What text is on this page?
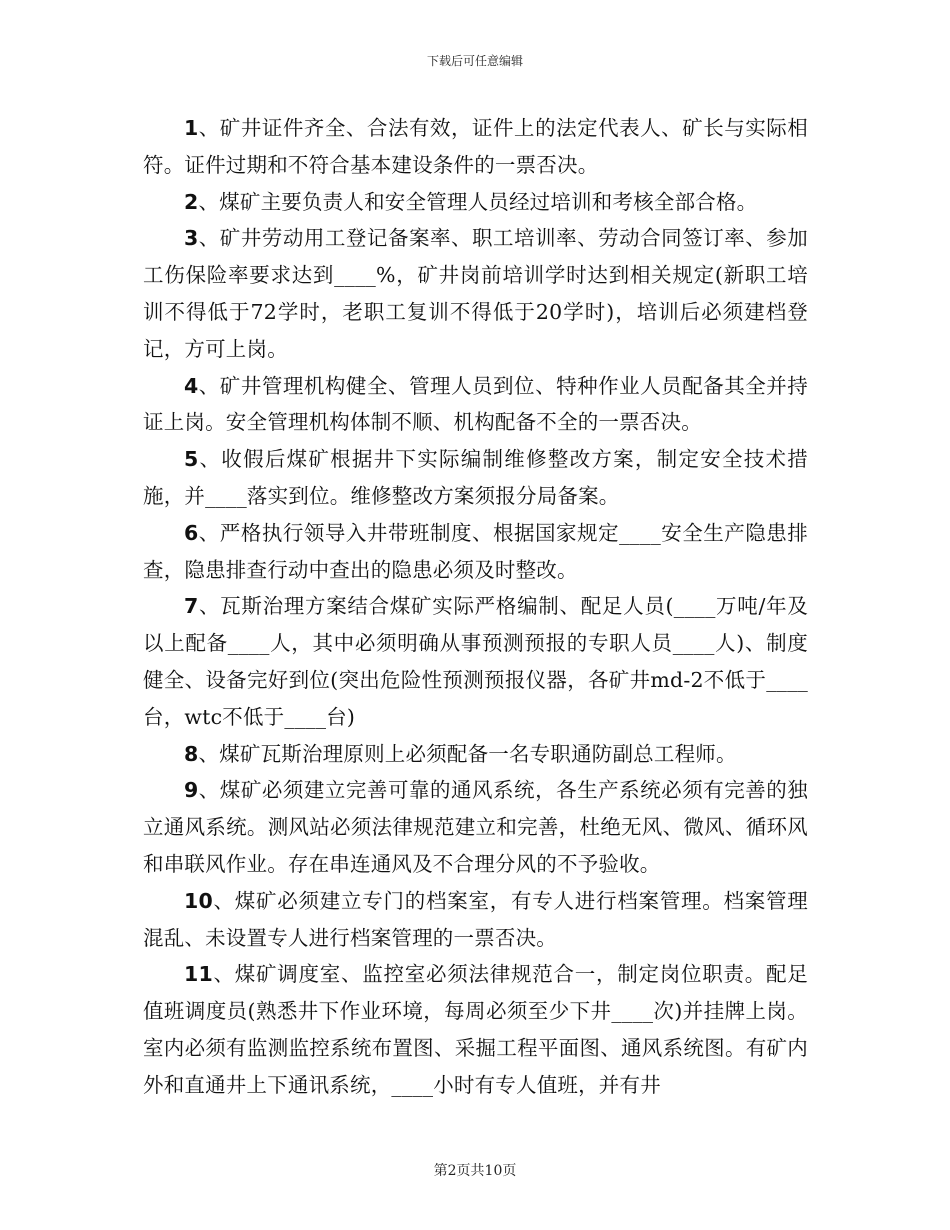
下载后可任意编辑

1、矿井证件齐全、合法有效，证件上的法定代表人、矿长与实际相符。证件过期和不符合基本建设条件的一票否决。

2、煤矿主要负责人和安全管理人员经过培训和考核全部合格。

3、矿井劳动用工登记备案率、职工培训率、劳动合同签订率、参加工伤保险率要求达到____%，矿井岗前培训学时达到相关规定(新职工培训不得低于72学时，老职工复训不得低于20学时)，培训后必须建档登记，方可上岗。

4、矿井管理机构健全、管理人员到位、特种作业人员配备其全并持证上岗。安全管理机构体制不顺、机构配备不全的一票否决。

5、收假后煤矿根据井下实际编制维修整改方案，制定安全技术措施，并____落实到位。维修整改方案须报分局备案。

6、严格执行领导入井带班制度、根据国家规定____安全生产隐患排查，隐患排查行动中查出的隐患必须及时整改。

7、瓦斯治理方案结合煤矿实际严格编制、配足人员(____万吨/年及以上配备____人，其中必须明确从事预测预报的专职人员____人)、制度健全、设备完好到位(突出危险性预测预报仪器，各矿井md-2不低于____台，wtc不低于____台)

8、煤矿瓦斯治理原则上必须配备一名专职通防副总工程师。

9、煤矿必须建立完善可靠的通风系统，各生产系统必须有完善的独立通风系统。测风站必须法律规范建立和完善，杜绝无风、微风、循环风和串联风作业。存在串连通风及不合理分风的不予验收。

10、煤矿必须建立专门的档案室，有专人进行档案管理。档案管理混乱、未设置专人进行档案管理的一票否决。

11、煤矿调度室、监控室必须法律规范合一，制定岗位职责。配足值班调度员(熟悉井下作业环境，每周必须至少下井____次)并挂牌上岗。室内必须有监测监控系统布置图、采掘工程平面图、通风系统图。有矿内外和直通井上下通讯系统，____小时有专人值班，并有井

第2页共10页
